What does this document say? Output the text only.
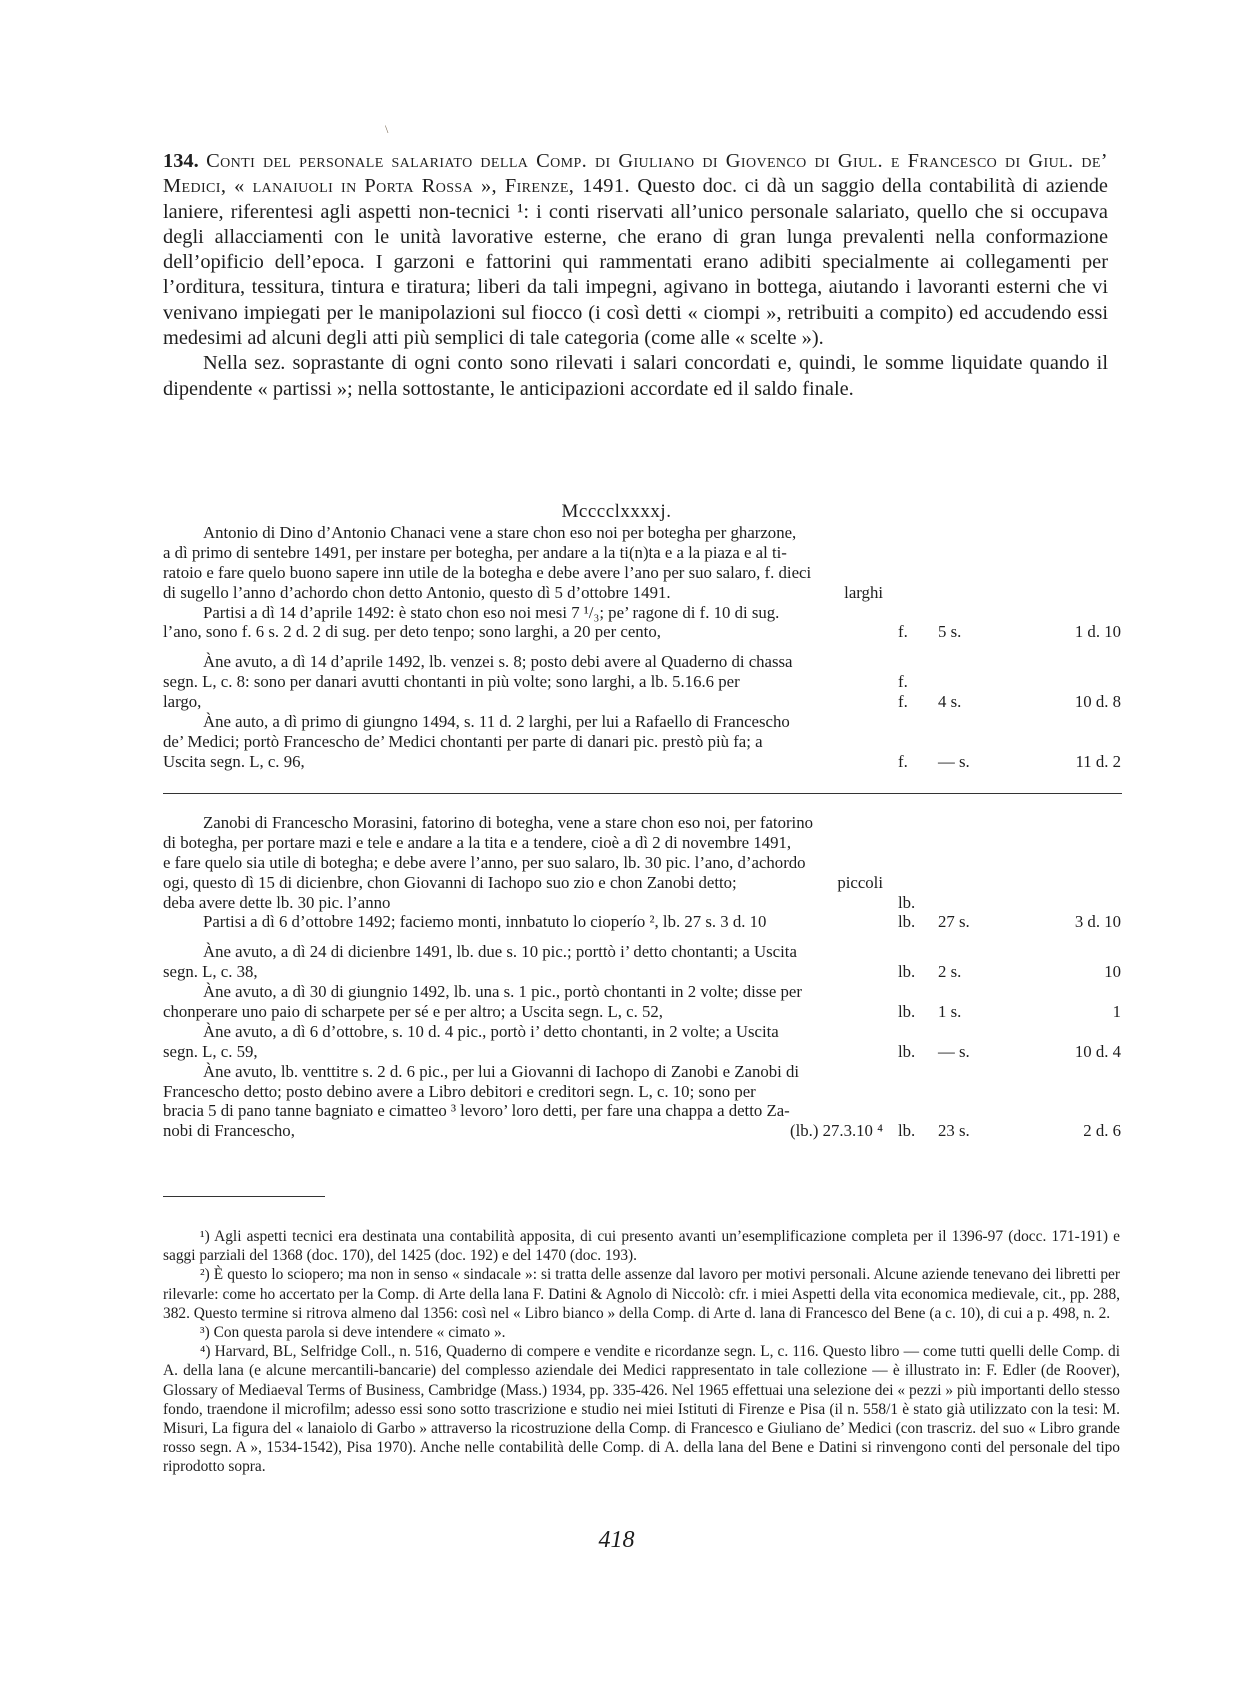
\

134. Conti del personale salariato della Comp. di Giuliano di Giovenco di Giul. e Francesco di Giul. de’ Medici, « lanaiuoli in Porta Rossa », Firenze, 1491. Questo doc. ci dà un saggio della contabilità di aziende laniere, riferentesi agli aspetti non-tecnici ¹: i conti riservati all’unico personale salariato, quello che si occupava degli allacciamenti con le unità lavorative esterne, che erano di gran lunga prevalenti nella conformazione dell’opificio dell’epoca. I garzoni e fattorini qui rammentati erano adibiti specialmente ai collegamenti per l’orditura, tessitura, tintura e tiratura; liberi da tali impegni, agivano in bottega, aiutando i lavoranti esterni che vi venivano impiegati per le manipolazioni sul fiocco (i così detti « ciompi », retribuiti a compito) ed accudendo essi medesimi ad alcuni degli atti più semplici di tale categoria (come alle « scelte »).

Nella sez. soprastante di ogni conto sono rilevati i salari concordati e, quindi, le somme liquidate quando il dipendente « partissi »; nella sottostante, le anticipazioni accordate ed il saldo finale.

Mccccl​xxxxj.
Antonio di Dino d’Antonio Chanaci vene a stare chon eso noi per botegha per gharzone,
a dì primo di sentebre 1491, per instare per botegha, per andare a la ti(n)ta e a la piaza e al ti-
ratoio e fare quelo buono sapere inn utile de la botegha e debe avere l’ano per suo salaro, f. dieci
di sugello l’anno d’achordo chon detto Antonio, questo dì 5 d’ottobre 1491.	larghi
Partisi a dì 14 d’aprile 1492: è stato chon eso noi mesi 7 ¹/₃; pe’ ragone di f. 10 di sug.
l’ano, sono f. 6 s. 2 d. 2 di sug. per deto tenpo; sono larghi, a 20 per cento,	f. 5 s.	1 d. 10
Àne avuto, a dì 14 d’aprile 1492, lb. venzei s. 8; posto debi avere al Quaderno di chassa
segn. L, c. 8: sono per danari avutti chontanti in più volte; sono larghi, a lb. 5.16.6 per	f.
largo,	f. 4 s.	10 d. 8
Àne auto, a dì primo di giungno 1494, s. 11 d. 2 larghi, per lui a Rafaello di Francescho
de’ Medici; portò Francescho de’ Medici chontanti per parte di danari pic. prestò più fa; a
Uscita segn. L, c. 96,	f. — s.	11 d. 2
Zanobi di Francescho Morasini, fatorino di botegha, vene a stare chon eso noi, per fatorino
di botegha, per portare mazi e tele e andare a la tita e a tendere, cioè a dì 2 di novembre 1491,
e fare quelo sia utile di botegha; e debe avere l’anno, per suo salaro, lb. 30 pic. l’ano, d’achordo
ogi, questo dì 15 di dicienbre, chon Giovanni di Iachopo suo zio e chon Zanobi detto;	piccoli
deba avere dette lb. 30 pic. l’anno	lb.
Partisi a dì 6 d’ottobre 1492; faciemo monti, innbatuto lo cioperío ², lb. 27 s. 3 d. 10	lb. 27 s.	3 d. 10
Àne avuto, a dì 24 di dicienbre 1491, lb. due s. 10 pic.; porttò i’ detto chontanti; a Uscita
segn. L, c. 38,	lb. 2 s.	10
Àne avuto, a dì 30 di giungnio 1492, lb. una s. 1 pic., portò chontanti in 2 volte; disse per
chonperare uno paio di scharpete per sé e per altro; a Uscita segn. L, c. 52,	lb. 1 s.	1
Àne avuto, a dì 6 d’ottobre, s. 10 d. 4 pic., portò i’ detto chontanti, in 2 volte; a Uscita
segn. L, c. 59,	lb. — s.	10 d. 4
Àne avuto, lb. venttitre s. 2 d. 6 pic., per lui a Giovanni di Iachopo di Zanobi e Zanobi di
Francescho detto; posto debino avere a Libro debitori e creditori segn. L, c. 10; sono per
bracia 5 di pano tanne bagniato e cimatteo ³ levoro’ loro detti, per fare una chappa a detto Za-
nobi di Francescho,	(lb.) 27.3.10 ⁴ lb. 23 s.	2 d. 6

¹) Agli aspetti tecnici era destinata una contabilità apposita, di cui presento avanti un’esemplificazione completa per il 1396-97 (docc. 171-191) e saggi parziali del 1368 (doc. 170), del 1425 (doc. 192) e del 1470 (doc. 193).

²) È questo lo sciopero; ma non in senso « sindacale »: si tratta delle assenze dal lavoro per motivi personali. Alcune aziende tenevano dei libretti per rilevarle: come ho accertato per la Comp. di Arte della lana F. Datini & Agnolo di Niccolò: cfr. i miei Aspetti della vita economica medievale, cit., pp. 288, 382. Questo termine si ritrova almeno dal 1356: così nel « Libro bianco » della Comp. di Arte d. lana di Francesco del Bene (a c. 10), di cui a p. 498, n. 2.

³) Con questa parola si deve intendere « cimato ».

⁴) Harvard, BL, Selfridge Coll., n. 516, Quaderno di compere e vendite e ricordanze segn. L, c. 116. Questo libro — come tutti quelli delle Comp. di A. della lana (e alcune mercantili-bancarie) del complesso aziendale dei Medici rappresentato in tale collezione — è illustrato in: F. Edler (de Roover), Glossary of Mediaeval Terms of Business, Cambridge (Mass.) 1934, pp. 335-426. Nel 1965 effettuai una selezione dei « pezzi » più importanti dello stesso fondo, traendone il microfilm; adesso essi sono sotto trascrizione e studio nei miei Istituti di Firenze e Pisa (il n. 558/1 è stato già utilizzato con la tesi: M. Misuri, La figura del « lanaiolo di Garbo » attraverso la ricostruzione della Comp. di Francesco e Giuliano de’ Medici (con trascriz. del suo « Libro grande rosso segn. A », 1534-1542), Pisa 1970). Anche nelle contabilità delle Comp. di A. della lana del Bene e Datini si rinvengono conti del personale del tipo riprodotto sopra.

418
